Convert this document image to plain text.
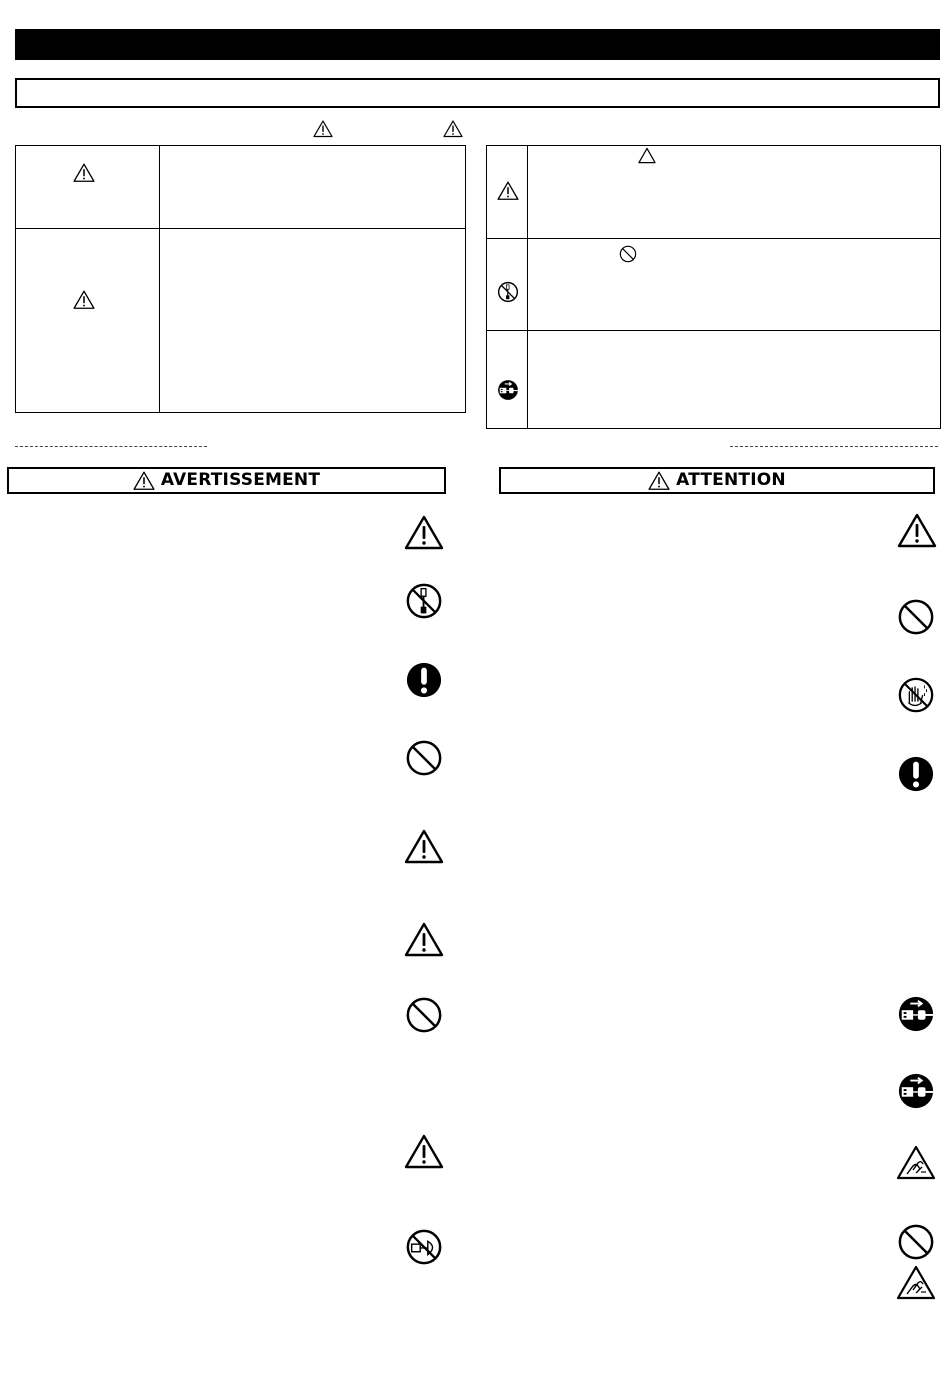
AVERTISSEMENT	ATTENTION
